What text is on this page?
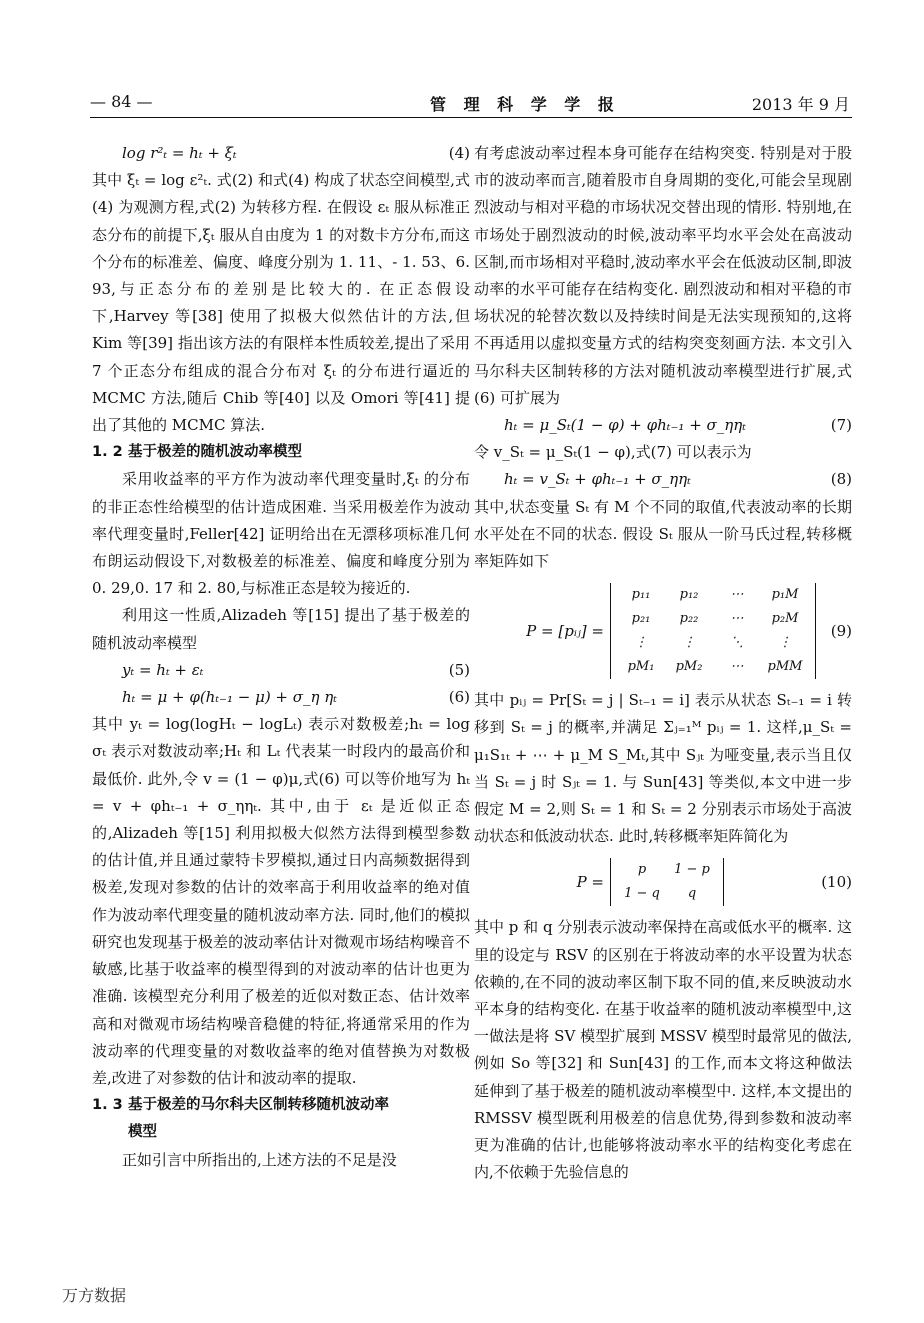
— 84 —	管 理 科 学 学 报	2013 年 9 月
log r²ₜ = hₜ + ξₜ	(4)

其中 ξₜ = log ε²ₜ. 式(2) 和式(4) 构成了状态空间模型,式(4) 为观测方程,式(2) 为转移方程. 在假设 εₜ 服从标准正态分布的前提下,ξₜ 服从自由度为 1 的对数卡方分布,而这个分布的标准差、偏度、峰度分别为 1. 11、- 1. 53、6. 93,与正态分布的差别是比较大的. 在正态假设下,Harvey 等[38] 使用了拟极大似然估计的方法,但 Kim 等[39] 指出该方法的有限样本性质较差,提出了采用 7 个正态分布组成的混合分布对 ξₜ 的分布进行逼近的 MCMC 方法,随后 Chib 等[40] 以及 Omori 等[41] 提出了其他的 MCMC 算法.

1. 2 基于极差的随机波动率模型

采用收益率的平方作为波动率代理变量时,ξₜ 的分布的非正态性给模型的估计造成困难. 当采用极差作为波动率代理变量时,Feller[42] 证明给出在无漂移项标准几何布朗运动假设下,对数极差的标准差、偏度和峰度分别为 0. 29,0. 17 和 2. 80,与标准正态是较为接近的.

利用这一性质,Alizadeh 等[15] 提出了基于极差的随机波动率模型

yₜ = hₜ + εₜ	(5)
hₜ = μ + φ(hₜ₋₁ − μ) + σ_η ηₜ	(6)

其中 yₜ = log(logHₜ − logLₜ) 表示对数极差;hₜ = log σₜ 表示对数波动率;Hₜ 和 Lₜ 代表某一时段内的最高价和最低价. 此外,令 v = (1 − φ)μ,式(6) 可以等价地写为 hₜ = v + φhₜ₋₁ + σ_ηηₜ. 其中,由于 εₜ 是近似正态的,Alizadeh 等[15] 利用拟极大似然方法得到模型参数的估计值,并且通过蒙特卡罗模拟,通过日内高频数据得到极差,发现对参数的估计的效率高于利用收益率的绝对值作为波动率代理变量的随机波动率方法. 同时,他们的模拟研究也发现基于极差的波动率估计对微观市场结构噪音不敏感,比基于收益率的模型得到的对波动率的估计也更为准确. 该模型充分利用了极差的近似对数正态、估计效率高和对微观市场结构噪音稳健的特征,将通常采用的作为波动率的代理变量的对数收益率的绝对值替换为对数极差,改进了对参数的估计和波动率的提取.

1. 3 基于极差的马尔科夫区制转移随机波动率
模型

正如引言中所指出的,上述方法的不足是没

有考虑波动率过程本身可能存在结构突变. 特别是对于股市的波动率而言,随着股市自身周期的变化,可能会呈现剧烈波动与相对平稳的市场状况交替出现的情形. 特别地,在市场处于剧烈波动的时候,波动率平均水平会处在高波动区制,而市场相对平稳时,波动率水平会在低波动区制,即波动率的水平可能存在结构变化. 剧烈波动和相对平稳的市场状况的轮替次数以及持续时间是无法实现预知的,这将不再适用以虚拟变量方式的结构突变刻画方法. 本文引入马尔科夫区制转移的方法对随机波动率模型进行扩展,式(6) 可扩展为

hₜ = μ_Sₜ(1 − φ) + φhₜ₋₁ + σ_ηηₜ	(7)

令 v_Sₜ = μ_Sₜ(1 − φ),式(7) 可以表示为

hₜ = v_Sₜ + φhₜ₋₁ + σ_ηηₜ	(8)

其中,状态变量 Sₜ 有 M 个不同的取值,代表波动率的长期水平处在不同的状态. 假设 Sₜ 服从一阶马氏过程,转移概率矩阵如下

P = [pᵢⱼ] =
p₁₁	p₁₂	⋯	p₁M
p₂₁	p₂₂	⋯	p₂M
⋮	⋮	⋱	⋮
pM₁	pM₂	⋯	pMM
(9)

其中 pᵢⱼ = Pr[Sₜ = j | Sₜ₋₁ = i] 表示从状态 Sₜ₋₁ = i 转移到 Sₜ = j 的概率,并满足 Σⱼ₌₁ᴹ pᵢⱼ = 1. 这样,μ_Sₜ = μ₁S₁ₜ + ⋯ + μ_M S_Mₜ,其中 Sⱼₜ 为哑变量,表示当且仅当 Sₜ = j 时 Sⱼₜ = 1. 与 Sun[43] 等类似,本文中进一步假定 M = 2,则 Sₜ = 1 和 Sₜ = 2 分别表示市场处于高波动状态和低波动状态. 此时,转移概率矩阵简化为

P =
p	1 − p
1 − q	q
(10)

其中 p 和 q 分别表示波动率保持在高或低水平的概率. 这里的设定与 RSV 的区别在于将波动率的水平设置为状态依赖的,在不同的波动率区制下取不同的值,来反映波动水平本身的结构变化. 在基于收益率的随机波动率模型中,这一做法是将 SV 模型扩展到 MSSV 模型时最常见的做法,例如 So 等[32] 和 Sun[43] 的工作,而本文将这种做法延伸到了基于极差的随机波动率模型中. 这样,本文提出的 RMSSV 模型既利用极差的信息优势,得到参数和波动率更为准确的估计,也能够将波动率水平的结构变化考虑在内,不依赖于先验信息的

万方数据
